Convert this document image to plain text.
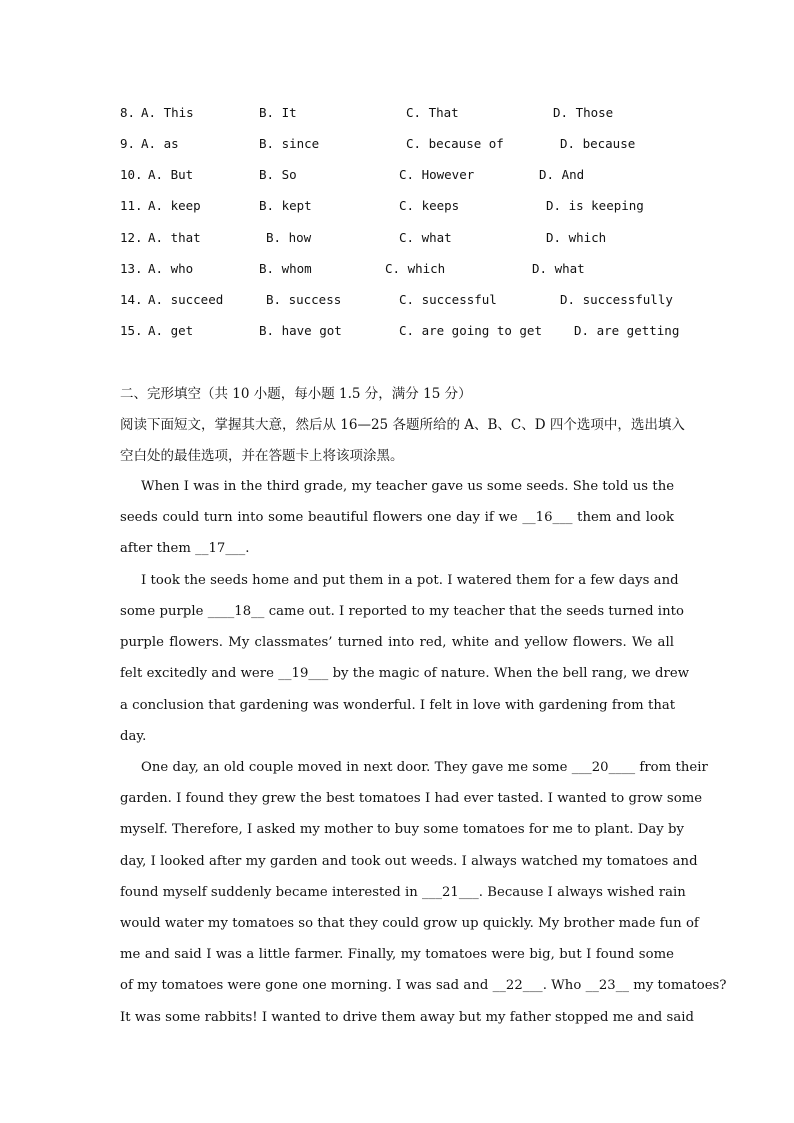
8.

A. This

	B. It

	C. That

	D. Those

9.

A. as

	B. since

	C. because of

	D. because

10.

A. But

	B. So

	C. However

	D. And

11.

A. keep

	B. kept

	C. keeps

	D. is keeping

12.

A. that

	B. how

	C. what

	D. which

13.

A. who

	B. whom

	C. which

	D. what

14.

A. succeed

	B. success

	C. successful

	D. successfully

15.

A. get

	B. have got

	C. are going to get

	D. are getting

二、完形填空（共 10 小题，每小题 1.5 分，满分 15 分）
阅读下面短文，掌握其大意，然后从 16—25 各题所给的 A、B、C、D 四个选项中，选出填入
空白处的最佳选项，并在答题卡上将该项涂黑。
When I was in the third grade, my teacher gave us some seeds. She told us the
seeds could turn into some beautiful flowers one day if we __16___ them and look
after them __17___.
I took the seeds home and put them in a pot. I watered them for a few days and
some purple ____18__ came out. I reported to my teacher that the seeds turned into
purple flowers. My classmates’ turned into red, white and yellow flowers. We all
felt excitedly and were __19___ by the magic of nature. When the bell rang, we drew
a conclusion that gardening was wonderful. I felt in love with gardening from that
day.
One day, an old couple moved in next door. They gave me some ___20____ from their
garden. I found they grew the best tomatoes I had ever tasted. I wanted to grow some
myself. Therefore, I asked my mother to buy some tomatoes for me to plant. Day by
day, I looked after my garden and took out weeds. I always watched my tomatoes and
found myself suddenly became interested in ___21___. Because I always wished rain
would water my tomatoes so that they could grow up quickly. My brother made fun of
me and said I was a little farmer. Finally, my tomatoes were big, but I found some
of my tomatoes were gone one morning. I was sad and __22___. Who __23__ my tomatoes?
It was some rabbits! I wanted to drive them away but my father stopped me and said
